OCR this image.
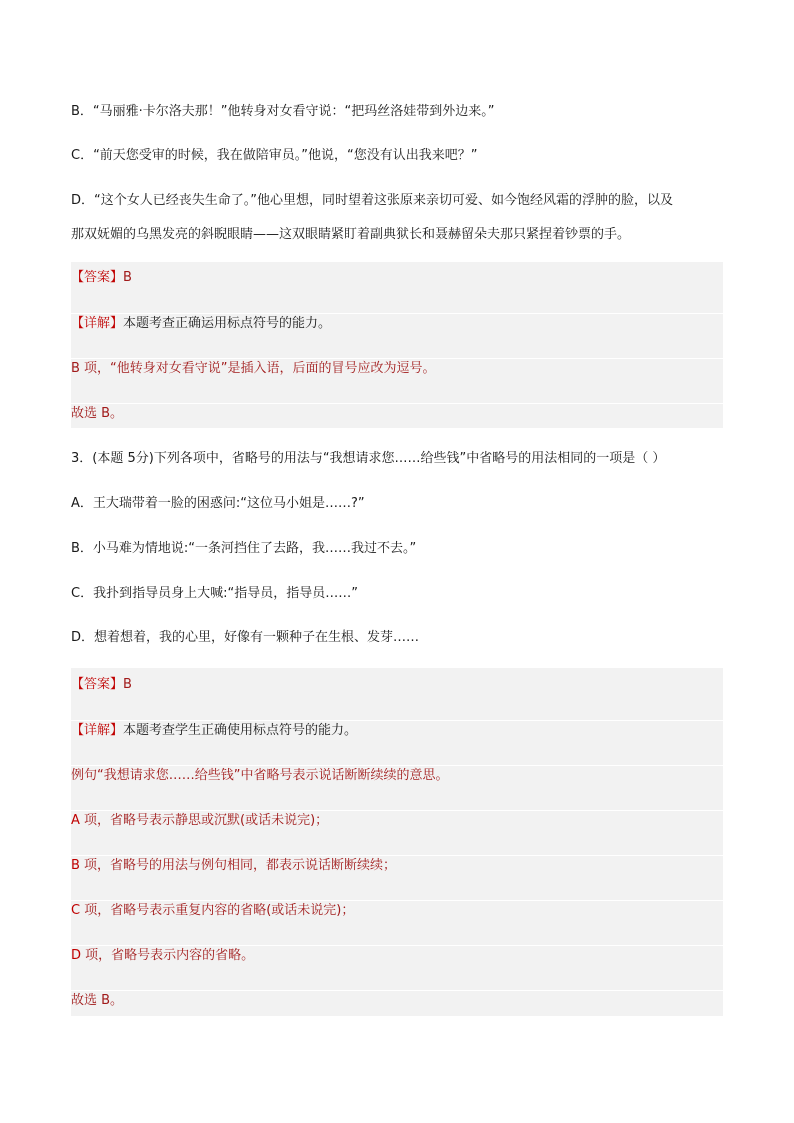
B．“马丽雅·卡尔洛夫那！”他转身对女看守说：“把玛丝洛娃带到外边来。”
C．“前天您受审的时候，我在做陪审员。”他说，“您没有认出我来吧？”
D．“这个女人已经丧失生命了。”他心里想，同时望着这张原来亲切可爱、如今饱经风霜的浮肿的脸，以及
那双妩媚的乌黑发亮的斜睨眼睛——这双眼睛紧盯着副典狱长和聂赫留朵夫那只紧捏着钞票的手。
【答案】B
【详解】本题考查正确运用标点符号的能力。
B 项，“他转身对女看守说”是插入语，后面的冒号应改为逗号。
故选 B。
3．(本题 5分)下列各项中，省略号的用法与“我想请求您……给些钱”中省略号的用法相同的一项是（ ）
A．王大瑞带着一脸的困惑问:“这位马小姐是……?”
B．小马难为情地说:“一条河挡住了去路，我……我过不去。”
C．我扑到指导员身上大喊:“指导员，指导员……”
D．想着想着，我的心里，好像有一颗种子在生根、发芽……
【答案】B
【详解】本题考查学生正确使用标点符号的能力。
例句“我想请求您……给些钱”中省略号表示说话断断续续的意思。
A 项，省略号表示静思或沉默(或话未说完)；
B 项，省略号的用法与例句相同，都表示说话断断续续；
C 项，省略号表示重复内容的省略(或话未说完)；
D 项，省略号表示内容的省略。
故选 B。
